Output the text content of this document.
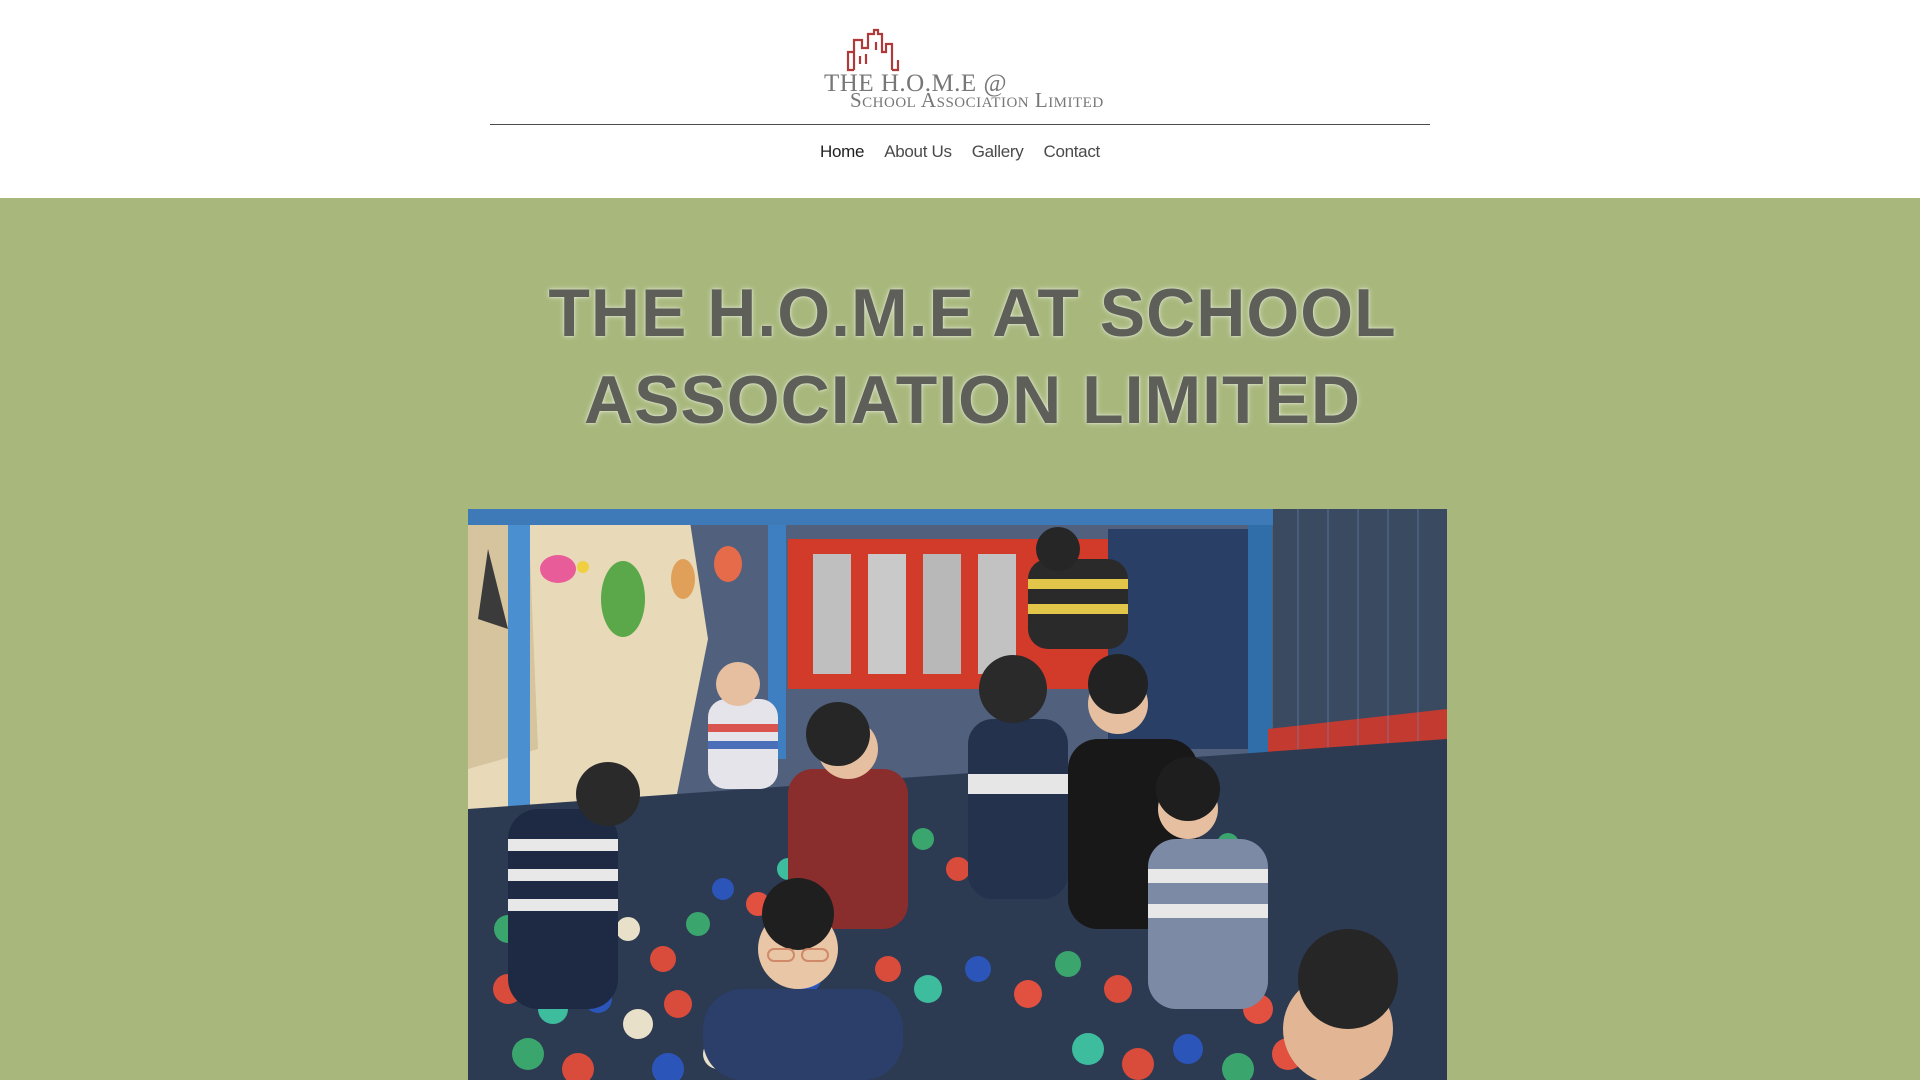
THE H.O.M.E @
School Association Limited
Home About Us Gallery Contact
THE H.O.M.E AT SCHOOL
ASSOCIATION LIMITED
